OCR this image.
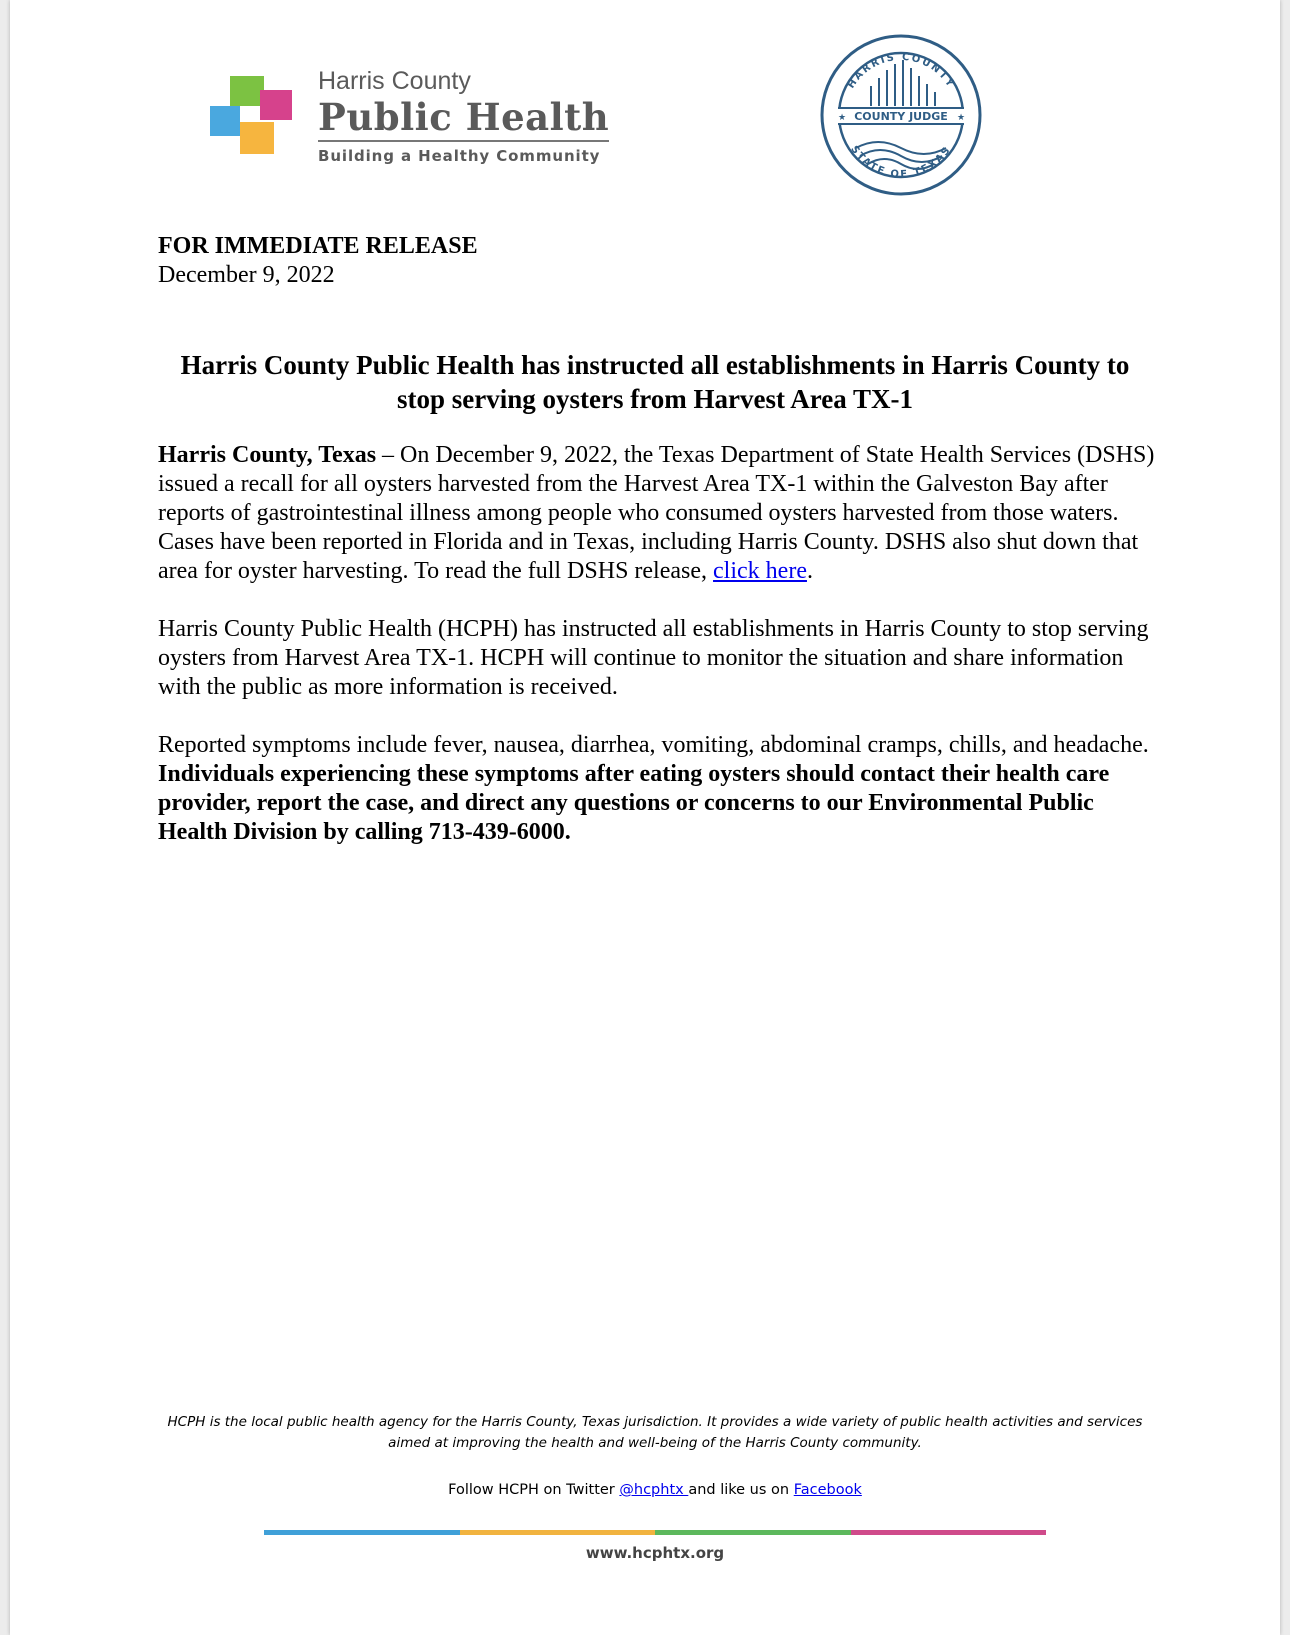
Harris County
Public Health
Building a Healthy Community
HARRIS COUNTY
STATE OF TEXAS
★	★
COUNTY JUDGE
FOR IMMEDIATE RELEASE
December 9, 2022
Harris County Public Health has instructed all establishments in Harris County to stop serving oysters from Harvest Area TX-1

Harris County, Texas – On December 9, 2022, the Texas Department of State Health Services (DSHS) issued a recall for all oysters harvested from the Harvest Area TX-1 within the Galveston Bay after reports of gastrointestinal illness among people who consumed oysters harvested from those waters. Cases have been reported in Florida and in Texas, including Harris County. DSHS also shut down that area for oyster harvesting. To read the full DSHS release, click here.

Harris County Public Health (HCPH) has instructed all establishments in Harris County to stop serving oysters from Harvest Area TX-1. HCPH will continue to monitor the situation and share information with the public as more information is received.

Reported symptoms include fever, nausea, diarrhea, vomiting, abdominal cramps, chills, and headache. Individuals experiencing these symptoms after eating oysters should contact their health care provider, report the case, and direct any questions or concerns to our Environmental Public Health Division by calling 713-439-6000.

HCPH is the local public health agency for the Harris County, Texas jurisdiction. It provides a wide variety of public health activities and services aimed at improving the health and well-being of the Harris County community.
Follow HCPH on Twitter @hcphtx and like us on Facebook
www.hcphtx.org
